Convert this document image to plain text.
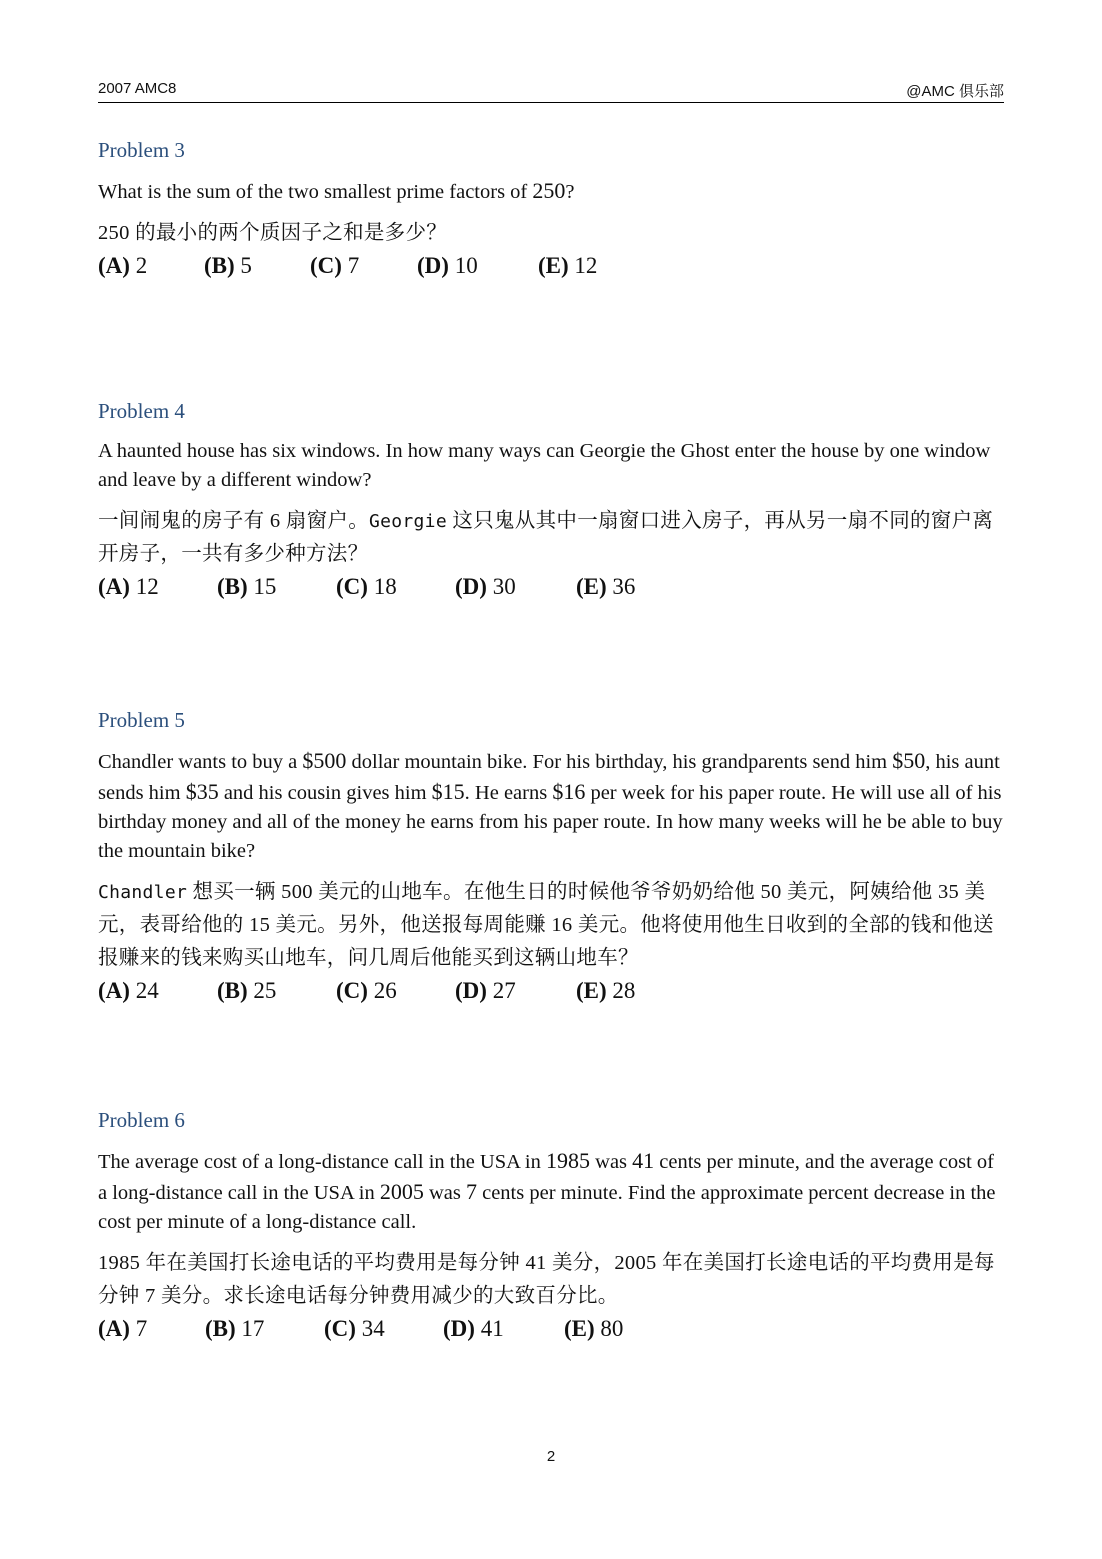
2007 AMC8	@AMC 俱乐部
Problem 3
What is the sum of the two smallest prime factors of 250?
250 的最小的两个质因子之和是多少？
(A) 2 (B) 5	(C) 7	(D) 10	(E) 12
Problem 4
A haunted house has six windows. In how many ways can Georgie the Ghost enter the house by one window and leave by a different window?
一间闹鬼的房子有 6 扇窗户。Georgie 这只鬼从其中一扇窗口进入房子，再从另一扇不同的窗户离开房子，一共有多少种方法？
(A) 12	(B) 15	(C) 18	(D) 30	(E) 36
Problem 5
Chandler wants to buy a $500 dollar mountain bike. For his birthday, his grandparents send him $50, his aunt sends him $35 and his cousin gives him $15. He earns $16 per week for his paper route. He will use all of his birthday money and all of the money he earns from his paper route. In how many weeks will he be able to buy the mountain bike?
Chandler 想买一辆 500 美元的山地车。在他生日的时候他爷爷奶奶给他 50 美元，阿姨给他 35 美元，表哥给他的 15 美元。另外，他送报每周能赚 16 美元。他将使用他生日收到的全部的钱和他送报赚来的钱来购买山地车，问几周后他能买到这辆山地车？
(A) 24	(B) 25	(C) 26	(D) 27	(E) 28
Problem 6
The average cost of a long-distance call in the USA in 1985 was 41 cents per minute, and the average cost of a long-distance call in the USA in 2005 was 7 cents per minute. Find the approximate percent decrease in the cost per minute of a long-distance call.
1985 年在美国打长途电话的平均费用是每分钟 41 美分，2005 年在美国打长途电话的平均费用是每分钟 7 美分。求长途电话每分钟费用减少的大致百分比。
(A) 7	(B) 17	(C) 34	(D) 41	(E) 80
2
